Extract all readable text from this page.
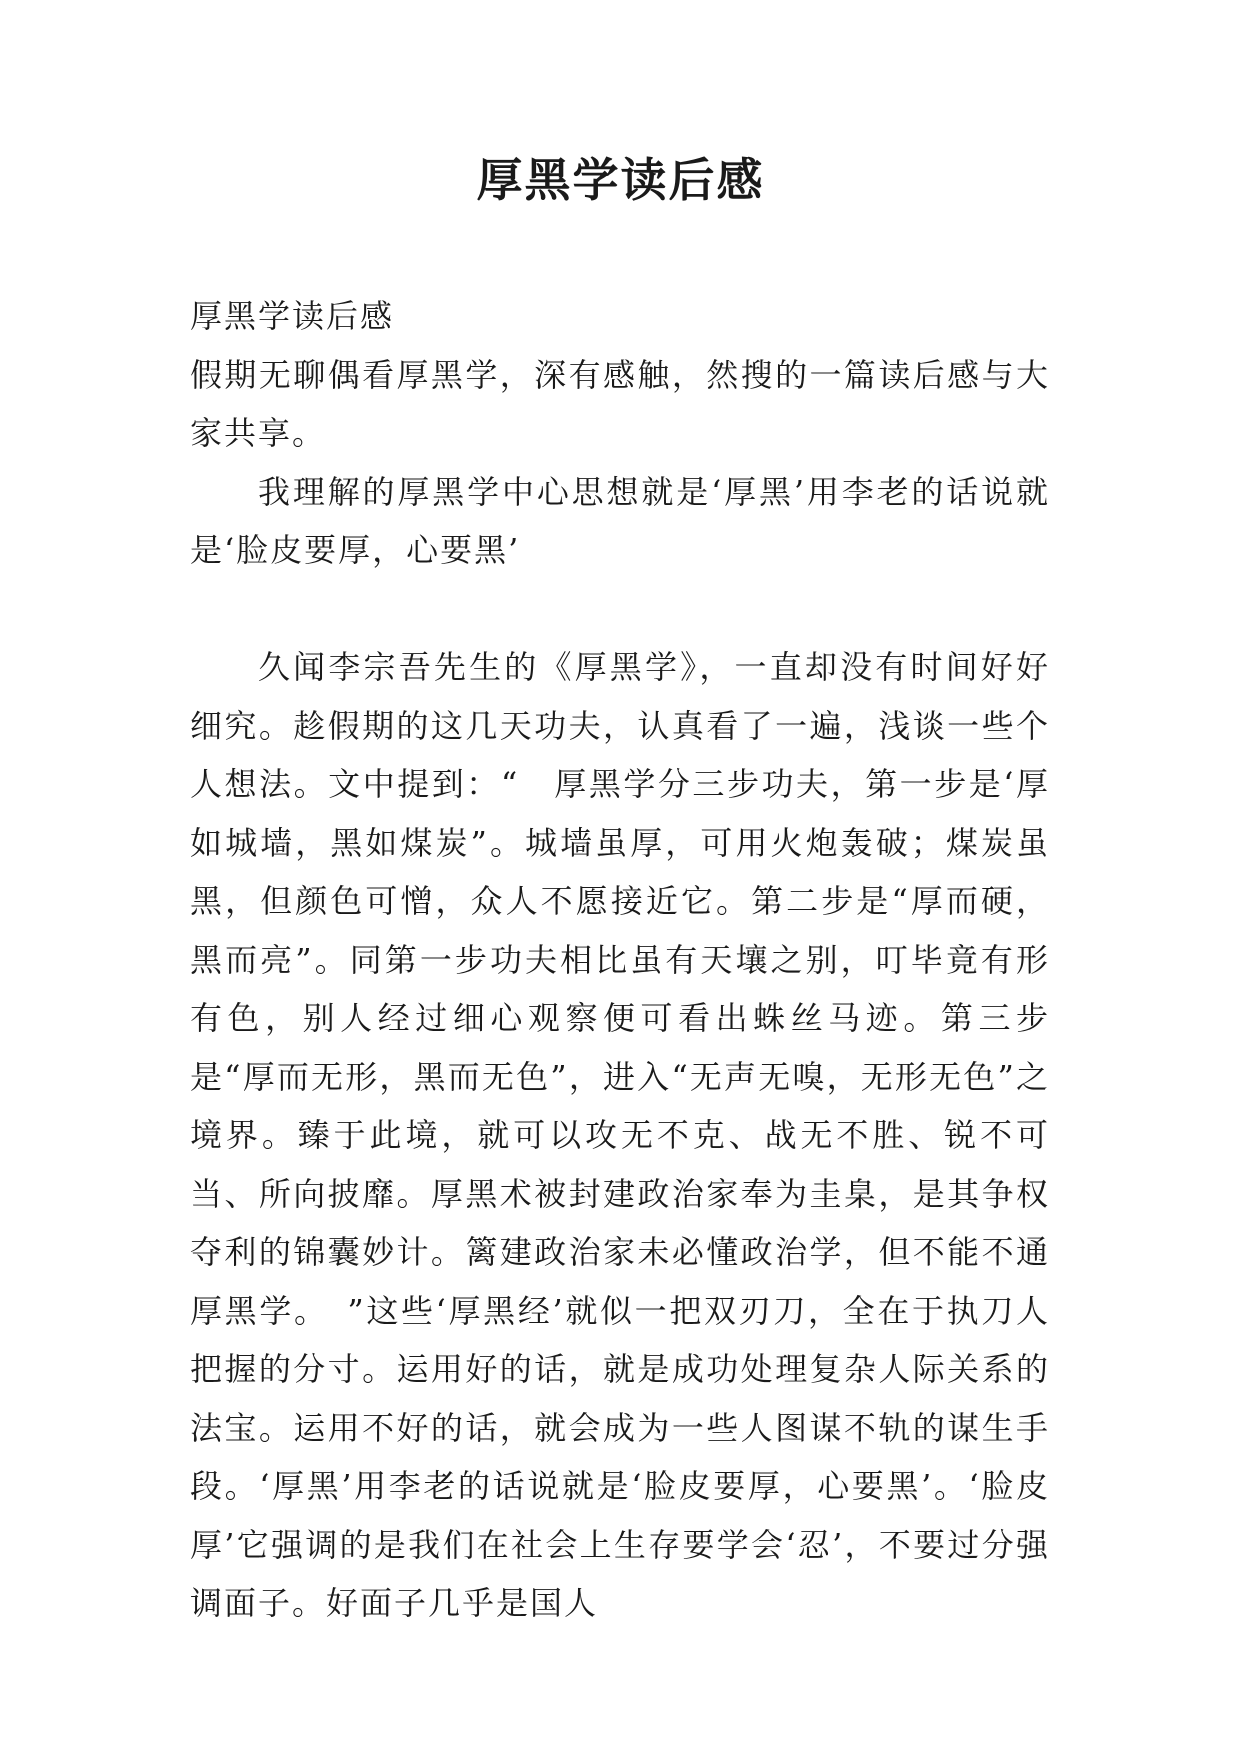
厚黑学读后感

厚黑学读后感

假期无聊偶看厚黑学，深有感触，然搜的一篇读后感与大家共享。

我理解的厚黑学中心思想就是‘厚黑’用李老的话说就是‘脸皮要厚，心要黑’

久闻李宗吾先生的《厚黑学》，一直却没有时间好好细究。趁假期的这几天功夫，认真看了一遍，浅谈一些个人想法。文中提到：“　厚黑学分三步功夫，第一步是‘厚如城墙，黑如煤炭”。城墙虽厚，可用火炮轰破；煤炭虽黑，但颜色可憎，众人不愿接近它。第二步是“厚而硬，黑而亮”。同第一步功夫相比虽有天壤之别，叮毕竟有形有色，别人经过细心观察便可看出蛛丝马迹。第三步是“厚而无形，黑而无色”，进入“无声无嗅，无形无色”之境界。臻于此境，就可以攻无不克、战无不胜、锐不可当、所向披靡。厚黑术被封建政治家奉为圭臬，是其争权夺利的锦囊妙计。篱建政治家未必懂政治学，但不能不通厚黑学。　”这些‘厚黑经’就似一把双刃刀，全在于执刀人把握的分寸。运用好的话，就是成功处理复杂人际关系的法宝。运用不好的话，就会成为一些人图谋不轨的谋生手段。‘厚黑’用李老的话说就是‘脸皮要厚，心要黑’。‘脸皮厚’它强调的是我们在社会上生存要学会‘忍’，不要过分强调面子。好面子几乎是国人
